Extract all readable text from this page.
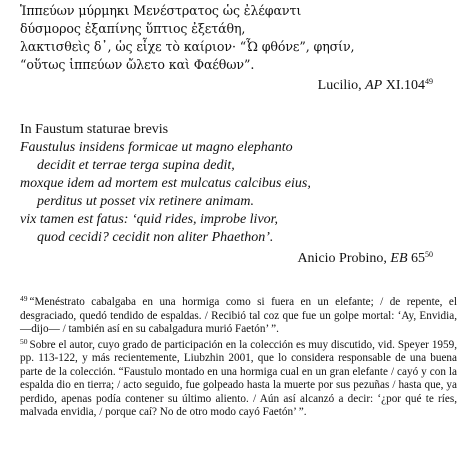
Ἱππεύων μύρμηκι Μενέστρατος ὡς ἐλέφαντι
δύσμορος ἐξαπίνης ὕπτιος ἐξετάθη,
λακτισθεὶς δ᾽, ὡς εἶχε τὸ καίριον· “Ὦ φθόνε”, φησίν,
“οὕτως ἱππεύων ὤλετο καὶ Φαέθων”.
Lucilio, AP XI.104$^{49}$
In Faustum staturae brevis
Faustulus insidens formicae ut magno elephanto
decidit et terrae terga supina dedit,
moxque idem ad mortem est mulcatus calcibus eius,
perditus ut posset vix retinere animam.
vix tamen est fatus: ‘quid rides, improbe livor,
quod cecidi? cecidit non aliter Phaethon’.
Anicio Probino, EB $65^{50}$

$^{49}$ “Menéstrato cabalgaba en una hormiga como si fuera en un elefante; / de repente, el desgraciado, quedó tendido de espaldas. / Recibió tal coz que fue un golpe mortal: ‘Ay, Envidia, —dijo— / también así en su cabalgadura murió Faetón’ ”.

$^{50}$ Sobre el autor, cuyo grado de participación en la colección es muy discutido, vid. Speyer 1959, pp. 113-122, y más recientemente, Liubzhin 2001, que lo considera responsable de una buena parte de la colección. “Faustulo montado en una hormiga cual en un gran elefante / cayó y con la espalda dio en tierra; / acto seguido, fue golpeado hasta la muerte por sus pezuñas / hasta que, ya perdido, apenas podía contener su último aliento. / Aún así alcanzó a decir: ‘¿por qué te ríes, malvada envidia, / porque caí? No de otro modo cayó Faetón’ ”.
